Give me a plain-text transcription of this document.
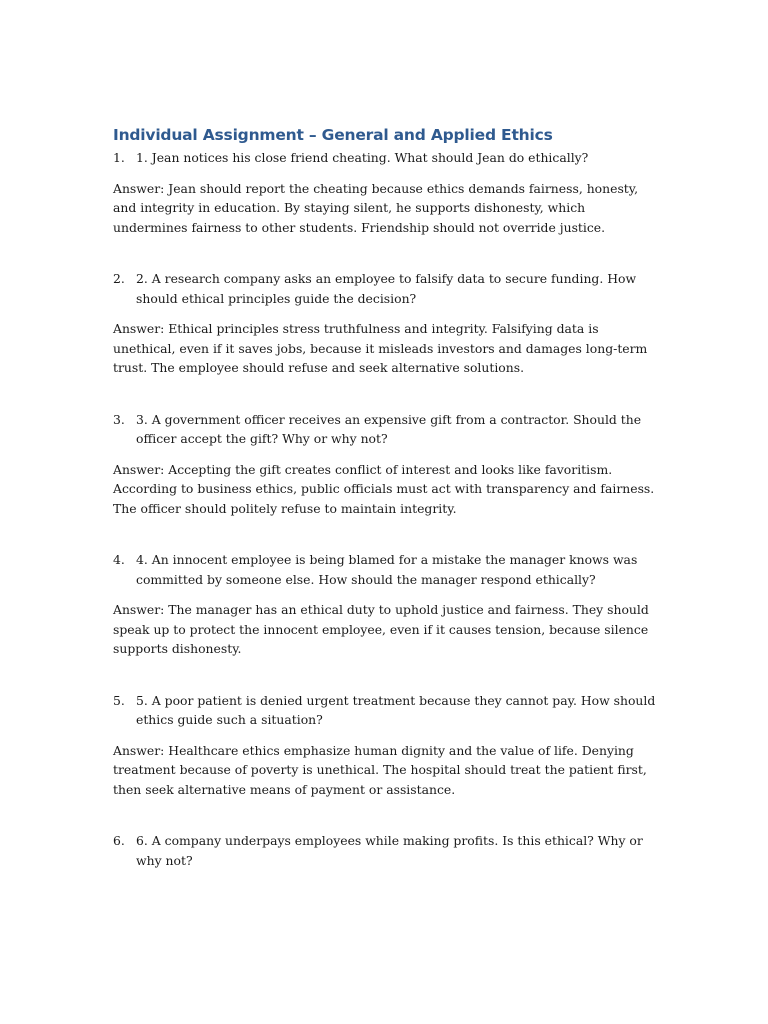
Individual Assignment – General and Applied Ethics
1. 1. Jean notices his close friend cheating. What should Jean do ethically?

Answer: Jean should report the cheating because ethics demands fairness, honesty, and integrity in education. By staying silent, he supports dishonesty, which undermines fairness to other students. Friendship should not override justice.

2. 2. A research company asks an employee to falsify data to secure funding. How should ethical principles guide the decision?

Answer: Ethical principles stress truthfulness and integrity. Falsifying data is unethical, even if it saves jobs, because it misleads investors and damages long-term trust. The employee should refuse and seek alternative solutions.

3. 3. A government officer receives an expensive gift from a contractor. Should the officer accept the gift? Why or why not?

Answer: Accepting the gift creates conflict of interest and looks like favoritism. According to business ethics, public officials must act with transparency and fairness. The officer should politely refuse to maintain integrity.

4. 4. An innocent employee is being blamed for a mistake the manager knows was committed by someone else. How should the manager respond ethically?

Answer: The manager has an ethical duty to uphold justice and fairness. They should speak up to protect the innocent employee, even if it causes tension, because silence supports dishonesty.

5. 5. A poor patient is denied urgent treatment because they cannot pay. How should ethics guide such a situation?

Answer: Healthcare ethics emphasize human dignity and the value of life. Denying treatment because of poverty is unethical. The hospital should treat the patient first, then seek alternative means of payment or assistance.

6. 6. A company underpays employees while making profits. Is this ethical? Why or why not?
